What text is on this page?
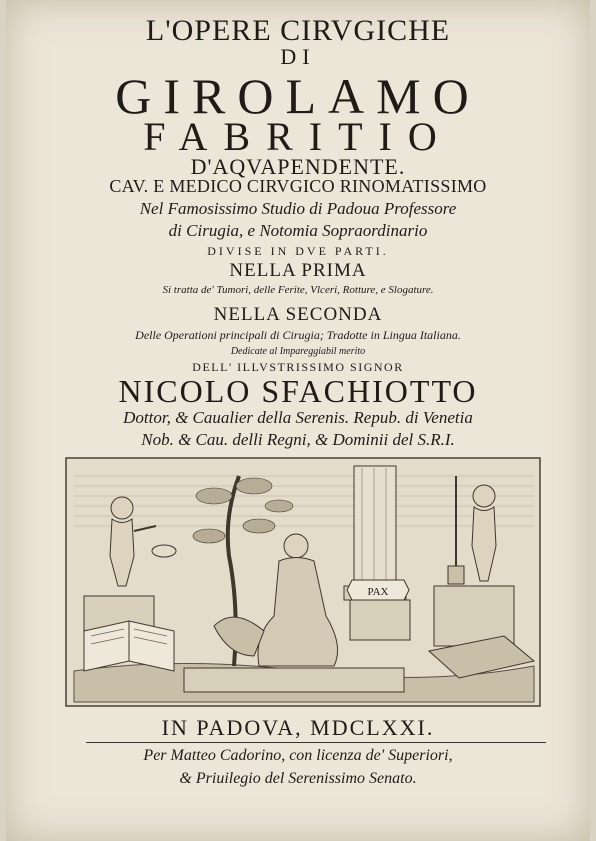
L'OPERE CIRVGICHE
DI
GIROLAMO
FABRITIO
D'AQVAPENDENTE.
CAV. E MEDICO CIRVGICO RINOMATISSIMO
Nel Famosissimo Studio di Padoua Professore
di Cirugia, e Notomia Sopraordinario
DIVISE IN DVE PARTI.
NELLA PRIMA
Si tratta de' Tumori, delle Ferite, Vlceri, Rotture, e Slogature.
NELLA SECONDA
Delle Operationi principali di Cirugia; Tradotte in Lingua Italiana.
Dedicate al Impareggiabil merito
DELL' ILLVSTRISSIMO SIGNOR
NICOLO SFACHIOTTO
Dottor, & Caualier della Serenis. Repub. di Venetia
Nob. & Cau. delli Regni, & Dominii del S.R.I.
PAX
IN PADOVA, MDCLXXI.
Per Matteo Cadorino, con licenza de' Superiori,
& Priuilegio del Serenissimo Senato.
